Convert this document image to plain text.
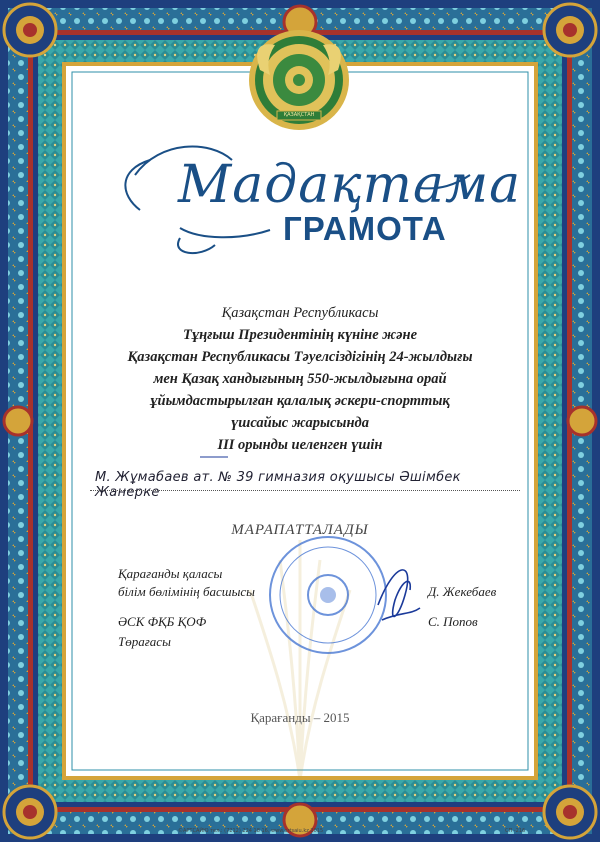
Мадақтама
ГРАМОТА
ҚАЗАҚСТАН
Қазақстан Республикасы
Тұңғыш Президентінің күніне және
Қазақстан Республикасы Тәуелсіздігінің 24-жылдығы
мен Қазақ хандығының 550-жылдығына орай
ұйымдастырылған қалалық әскери-спорттық
үшсайыс жарысында
III орынды иеленген үшін
М. Жұмабаев ат. № 39 гимназия оқушысы Әшімбек Жанерке
МАРАПАТТАЛАДЫ
Қарағанды қаласы
білім бөлімінің басшысы	Д. Жекебаев
ӘСК ФҚБ ҚОФ
Төрағасы
С. Попов
Қарағанды – 2015
©АРТСАЙЮ тел.: (7212) 224 18 16, www.artsaiu.kz 2015	СП -216
